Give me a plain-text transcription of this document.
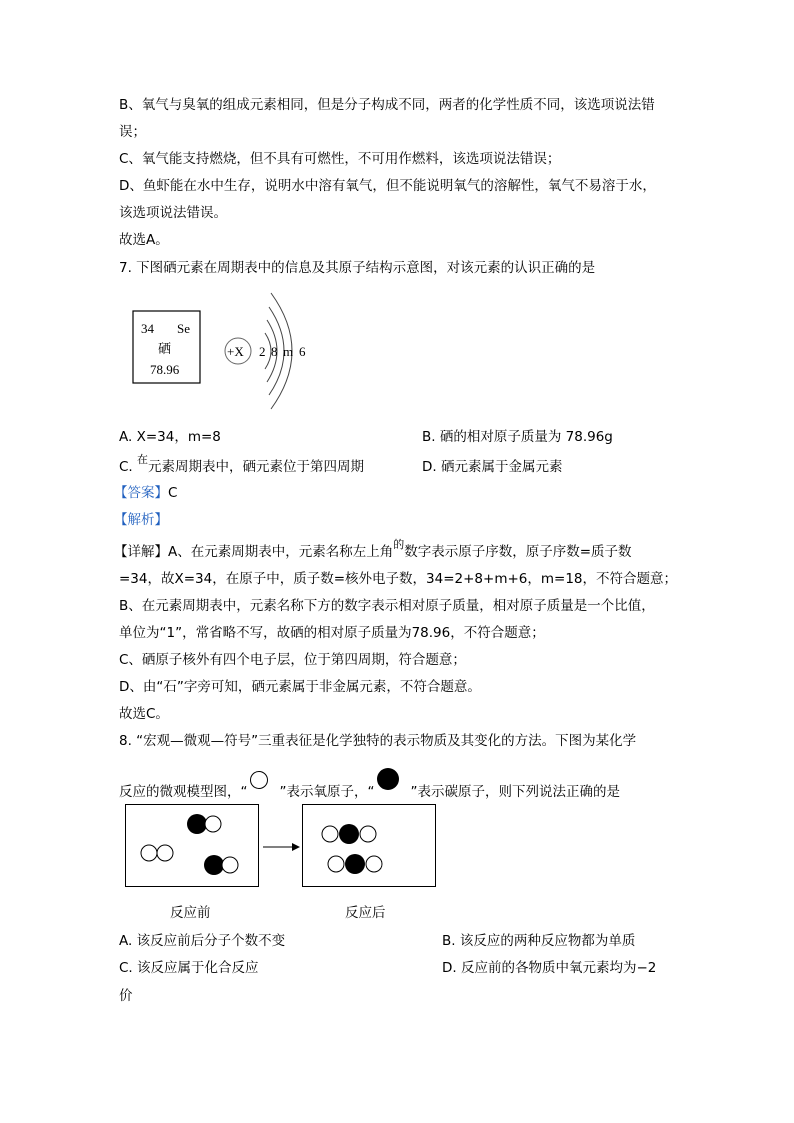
B、氧气与臭氧的组成元素相同，但是分子构成不同，两者的化学性质不同，该选项说法错
误；
C、氧气能支持燃烧，但不具有可燃性，不可用作燃料，该选项说法错误；
D、鱼虾能在水中生存，说明水中溶有氧气，但不能说明氧气的溶解性，氧气不易溶于水，
该选项说法错误。
故选A。
7. 下图硒元素在周期表中的信息及其原子结构示意图，对该元素的认识正确的是
34 Se
硒
78.96
+X 2 8 m 6
A. X=34，m=8	B. 硒的相对原子质量为 78.96g
C. $^在$元素周期表中，硒元素位于第四周期	D. 硒元素属于金属元素
【答案】C
【解析】
【详解】A、在元素周期表中，元素名称左上角$^的$数字表示原子序数，原子序数=质子数
=34，故X=34，在原子中，质子数=核外电子数，34=2+8+m+6，m=18，不符合题意；
B、在元素周期表中，元素名称下方的数字表示相对原子质量，相对原子质量是一个比值，
单位为“1”，常省略不写，故硒的相对原子质量为78.96，不符合题意；
C、硒原子核外有四个电子层，位于第四周期，符合题意；
D、由“石”字旁可知，硒元素属于非金属元素，不符合题意。
故选C。
8. “宏观—微观—符号”三重表征是化学独特的表示物质及其变化的方法。下图为某化学
反应的微观模型图，“ ”表示氧原子，“	”表示碳原子，则下列说法正确的是
反应前	反应后
A. 该反应前后分子个数不变	B. 该反应的两种反应物都为单质
C. 该反应属于化合反应	D. 反应前的各物质中氧元素均为−2
价
